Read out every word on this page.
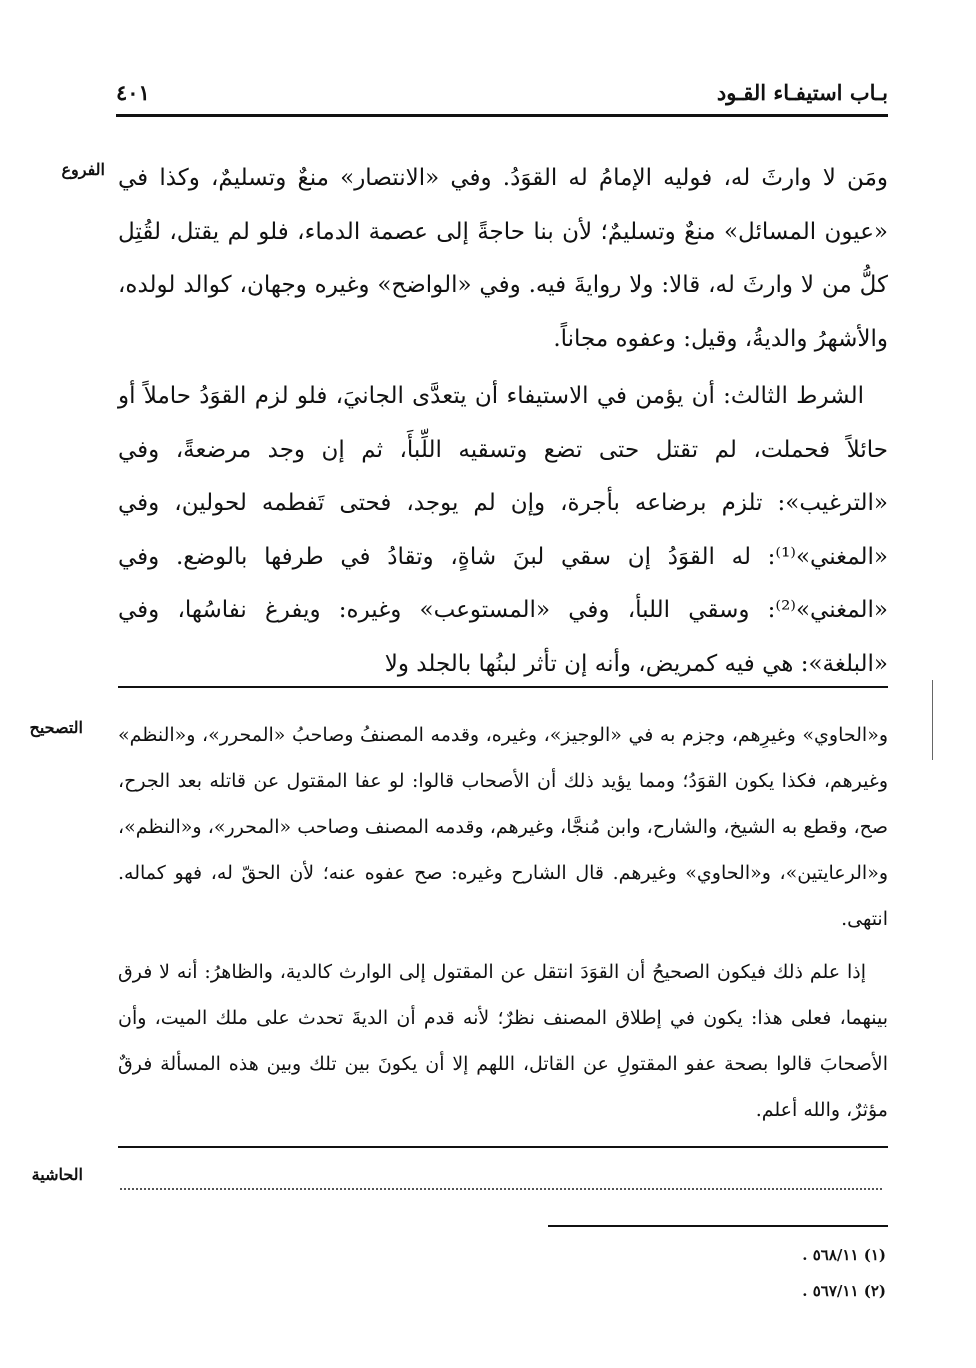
بـاب استيفـاء القـود
٤٠١
الفروع ومَن لا وارثَ له، فوليه الإمامُ له القوَدُ. وفي «الانتصار» منعٌ وتسليمٌ، وكذا في «عيون المسائل» منعٌ وتسليمٌ؛ لأن بنا حاجةً إلى عصمة الدماء، فلو لم يقتل، لقُتِل كلُّ من لا وارثَ له، قالا: ولا روايةَ فيه. وفي «الواضح» وغيره وجهان، كوالد لولده، والأشهرُ والديةُ، وقيل: وعفوه مجاناً.

الشرط الثالث: أن يؤمن في الاستيفاء أن يتعدَّى الجانيَ، فلو لزم القوَدُ حاملاً أو حائلاً فحملت، لم تقتل حتى تضع وتسقيه اللِّبأَ، ثم إن وجد مرضعةً، وفي «الترغيب»: تلزم برضاعه بأجرة، وإن لم يوجد، فحتى تَفطمه لحولين، وفي «المغني»⁽¹⁾: له القوَدُ إن سقي لبنَ شاةٍ، وتقادُ في طرفها بالوضع. وفي «المغني»⁽²⁾: وسقي اللبأ، وفي «المستوعب» وغيره: ويفرغ نفاسُها، وفي «البلغة»: هي فيه كمريض، وأنه إن تأثر لبنُها بالجلد ولا

التصحيح و«الحاوي» وغيرِهم، وجزم به في «الوجيز»، وغيره، وقدمه المصنفُ وصاحبُ «المحرر»، و«النظم» وغيرهم، فكذا يكون القوَدُ؛ ومما يؤيد ذلك أن الأصحاب قالوا: لو عفا المقتول عن قاتله بعد الجرح، صح، وقطع به الشيخ، والشارح، وابن مُنجَّا، وغيرهم، وقدمه المصنف وصاحب «المحرر»، و«النظم»، و«الرعايتين»، و«الحاوي» وغيرهم. قال الشارح وغيره: صح عفوه عنه؛ لأن الحقّ له، فهو كماله. انتهى.

إذا علم ذلك فيكون الصحيحُ أن القوَدَ انتقل عن المقتول إلى الوارث كالدية، والظاهرُ: أنه لا فرق بينهما، فعلى هذا: يكون في إطلاق المصنف نظرٌ؛ لأنه قدم أن الديةَ تحدث على ملك الميت، وأن الأصحابَ قالوا بصحة عفو المقتولِ عن القاتل، اللهم إلا أن يكونَ بين تلك وبين هذه المسألة فرقٌ مؤثرٌ، والله أعلم.

الحاشية
(١) ٥٦٨/١١ .
(٢) ٥٦٧/١١ .
